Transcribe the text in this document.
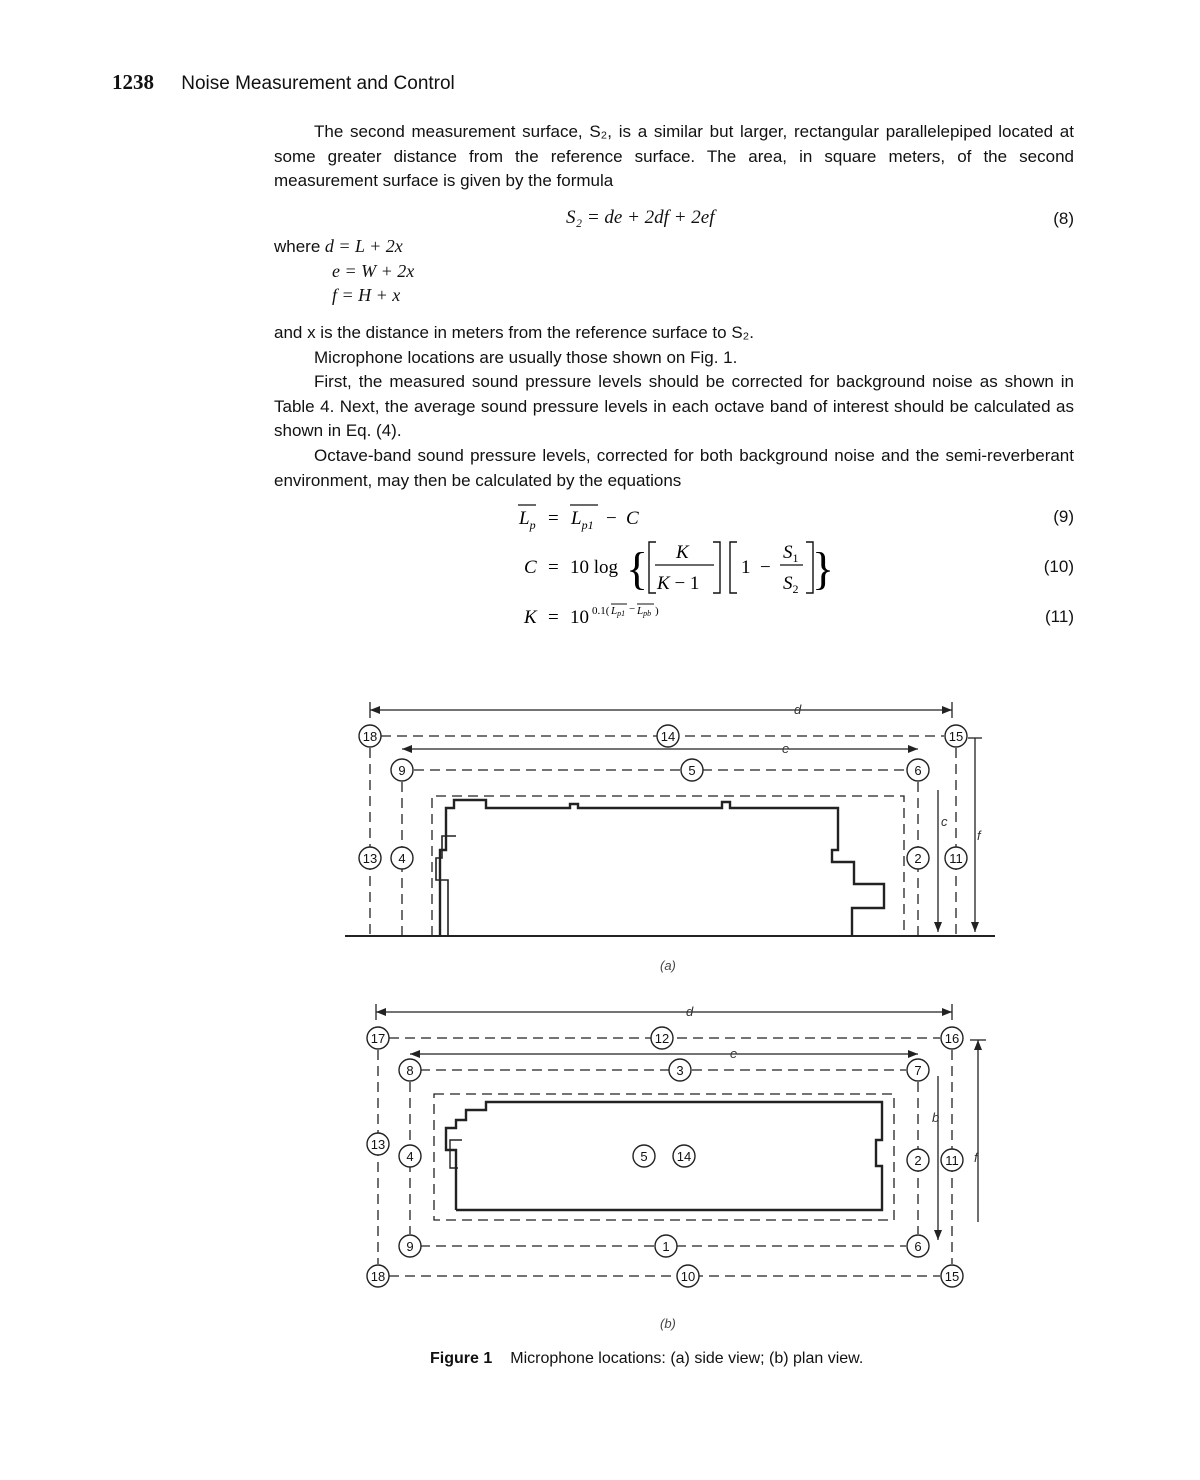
1238 Noise Measurement and Control

The second measurement surface, S₂, is a similar but larger, rectangular parallelepiped located at some greater distance from the reference surface. The area, in square meters, of the second measurement surface is given by the formula

S₂ = de + 2df + 2ef	(8)
where d = L + 2x
e = W + 2x
f = H + x

and x is the distance in meters from the reference surface to S₂.

Microphone locations are usually those shown on Fig. 1.

First, the measured sound pressure levels should be corrected for background noise as shown in Table 4. Next, the average sound pressure levels in each octave band of interest should be calculated as shown in Eq. (4).

Octave-band sound pressure levels, corrected for both background noise and the semi-reverberant environment, may then be calculated by the equations

$L_p = L_{p1} - C$
C = 10 log { K
K − 1
1 −
$S_1$
$S_2$ }
K = 10 0.1( Lp1 − Lpb )
(9)
(10)
(11)
d
e
c
f
d
e
b
f
18	14	15
9	5	6
13 4	2 11
17	12	16
8	3	7
13
4	5 14	2 11
9	1	6
18	10	15
(a)
(b)
Figure 1 Microphone locations: (a) side view; (b) plan view.
